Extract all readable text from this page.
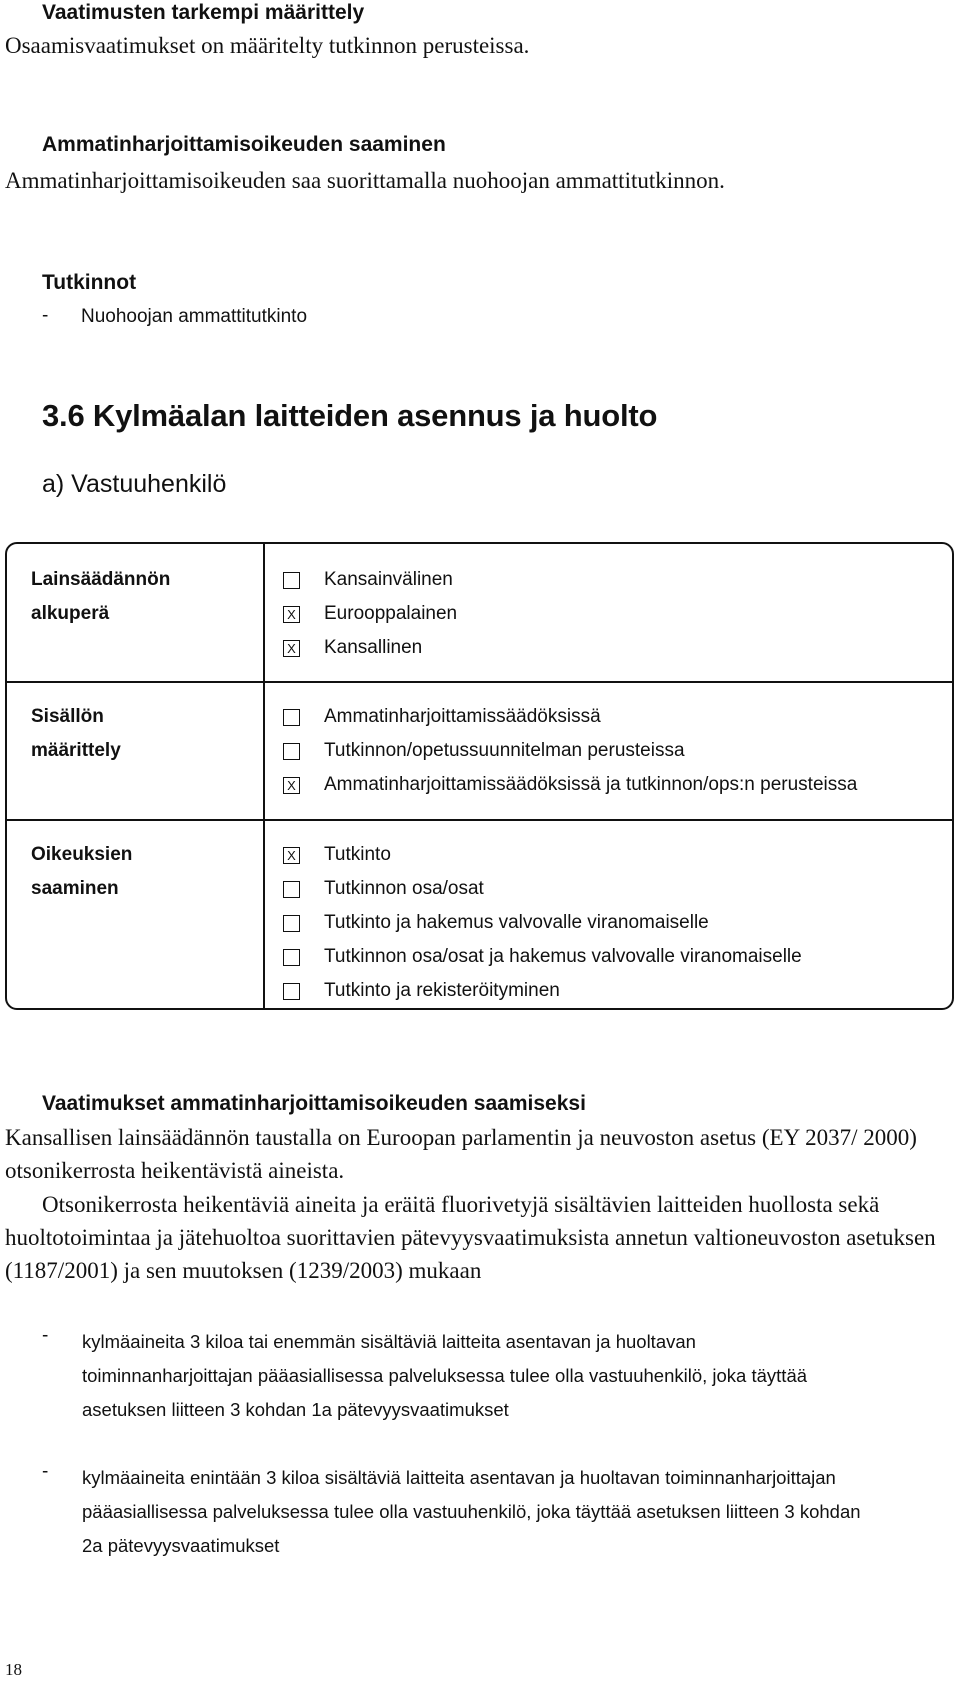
Vaatimusten tarkempi määrittely
Osaamisvaatimukset on määritelty tutkinnon perusteissa.
Ammatinharjoittamisoikeuden saaminen
Ammatinharjoittamisoikeuden saa suorittamalla nuohoojan ammattitutkinnon.
Tutkinnot
- Nuohoojan ammattitutkinto
3.6 Kylmäalan laitteiden asennus ja huolto
a) Vastuuhenkilö
Lainsäädännön
alkuperä
Kansainvälinen
X Eurooppalainen
X Kansallinen
Sisällön
määrittely
Ammatinharjoittamissäädöksissä
Tutkinnon/opetussuunnitelman perusteissa
X Ammatinharjoittamissäädöksissä ja tutkinnon/ops:n perusteissa
Oikeuksien
saaminen
X Tutkinto
Tutkinnon osa/osat
Tutkinto ja hakemus valvovalle viranomaiselle
Tutkinnon osa/osat ja hakemus valvovalle viranomaiselle
Tutkinto ja rekisteröityminen
Vaatimukset ammatinharjoittamisoikeuden saamiseksi
Kansallisen lainsäädännön taustalla on Euroopan parlamentin ja neuvoston asetus (EY 2037/ 2000) otsonikerrosta heikentävistä aineista.
Otsonikerrosta heikentäviä aineita ja eräitä fluorivetyjä sisältävien laitteiden huollosta sekä huoltotoimintaa ja jätehuoltoa suorittavien pätevyysvaatimuksista annetun valtioneuvoston asetuksen (1187/2001) ja sen muutoksen (1239/2003) mukaan
-	kylmäaineita 3 kiloa tai enemmän sisältäviä laitteita asentavan ja huoltavan toiminnanharjoittajan pääasiallisessa palveluksessa tulee olla vastuuhenkilö, joka täyttää asetuksen liitteen 3 kohdan 1a pätevyysvaatimukset
-	kylmäaineita enintään 3 kiloa sisältäviä laitteita asentavan ja huoltavan toiminnanharjoittajan pääasiallisessa palveluksessa tulee olla vastuuhenkilö, joka täyttää asetuksen liitteen 3 kohdan 2a pätevyysvaatimukset
18
